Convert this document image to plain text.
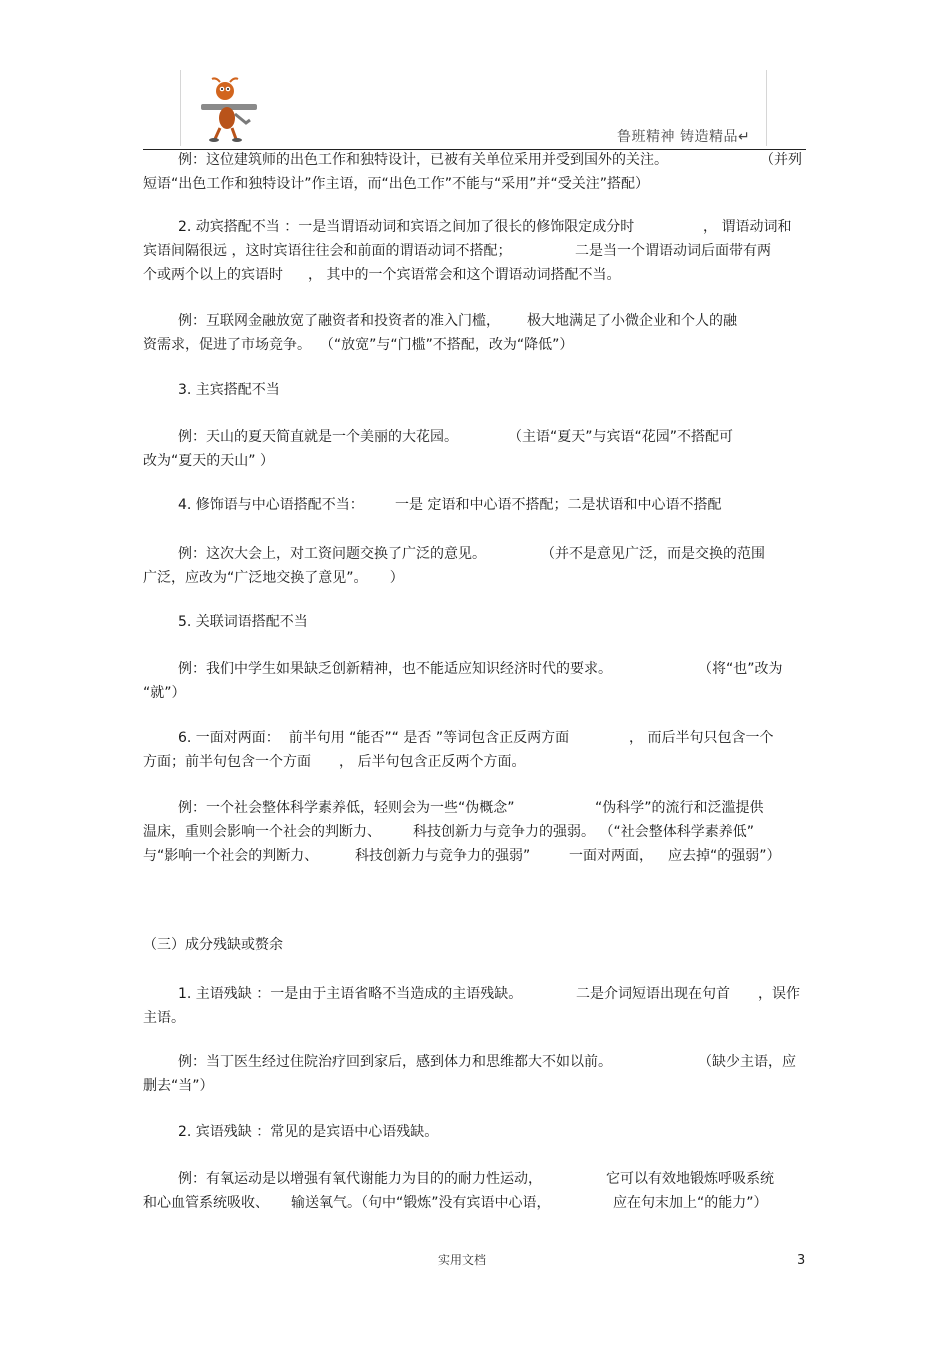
鲁班精神 铸造精品↵
例：这位建筑师的出色工作和独特设计，已被有关单位采用并受到国外的关注。	（并列
短语“出色工作和独特设计”作主语，而“出色工作”不能与“采用”并“受关注”搭配）
2. 动宾搭配不当 ：一是当谓语动词和宾语之间加了很长的修饰限定成分时	， 谓语动词和
宾语间隔很远 ，这时宾语往往会和前面的谓语动词不搭配；	二是当一个谓语动词后面带有两
个或两个以上的宾语时 ， 其中的一个宾语常会和这个谓语动词搭配不当。
例：互联网金融放宽了融资者和投资者的准入门槛， 极大地满足了小微企业和个人的融
资需求，促进了市场竞争。  （“放宽”与“门槛”不搭配，改为“降低”）
3. 主宾搭配不当
例：天山的夏天简直就是一个美丽的大花园。	（主语“夏天”与宾语“花园”不搭配可
改为“夏天的天山” ）
4. 修饰语与中心语搭配不当： 一是 定语和中心语不搭配；二是状语和中心语不搭配
例：这次大会上，对工资问题交换了广泛的意见。	（并不是意见广泛，而是交换的范围
广泛，应改为“广泛地交换了意见”。     ）
5. 关联词语搭配不当
例：我们中学生如果缺乏创新精神，也不能适应知识经济时代的要求。	（将“也”改为
“就”）
6. 一面对两面：  前半句用 “能否”“ 是否 ”等词包含正反两方面	， 而后半句只包含一个
方面；前半句包含一个方面 ， 后半句包含正反两个方面。
例：一个社会整体科学素养低，轻则会为一些“伪概念”	“伪科学”的流行和泛滥提供
温床，重则会影响一个社会的判断力、 科技创新力与竞争力的强弱。 （“社会整体科学素养低”
与“影响一个社会的判断力、	科技创新力与竞争力的强弱”	一面对两面， 应去掉“的强弱”）
（三）成分残缺或赘余
1. 主语残缺 ：一是由于主语省略不当造成的主语残缺。	二是介词短语出现在句首 ，误作
主语。
例：当丁医生经过住院治疗回到家后，感到体力和思维都大不如以前。	（缺少主语，应
删去“当”）
2. 宾语残缺 ：常见的是宾语中心语残缺。
例：有氧运动是以增强有氧代谢能力为目的的耐力性运动，	它可以有效地锻炼呼吸系统
和心血管系统吸收、 输送氧气。（句中“锻炼”没有宾语中心语，	应在句末加上“的能力”）
实用文档	3
